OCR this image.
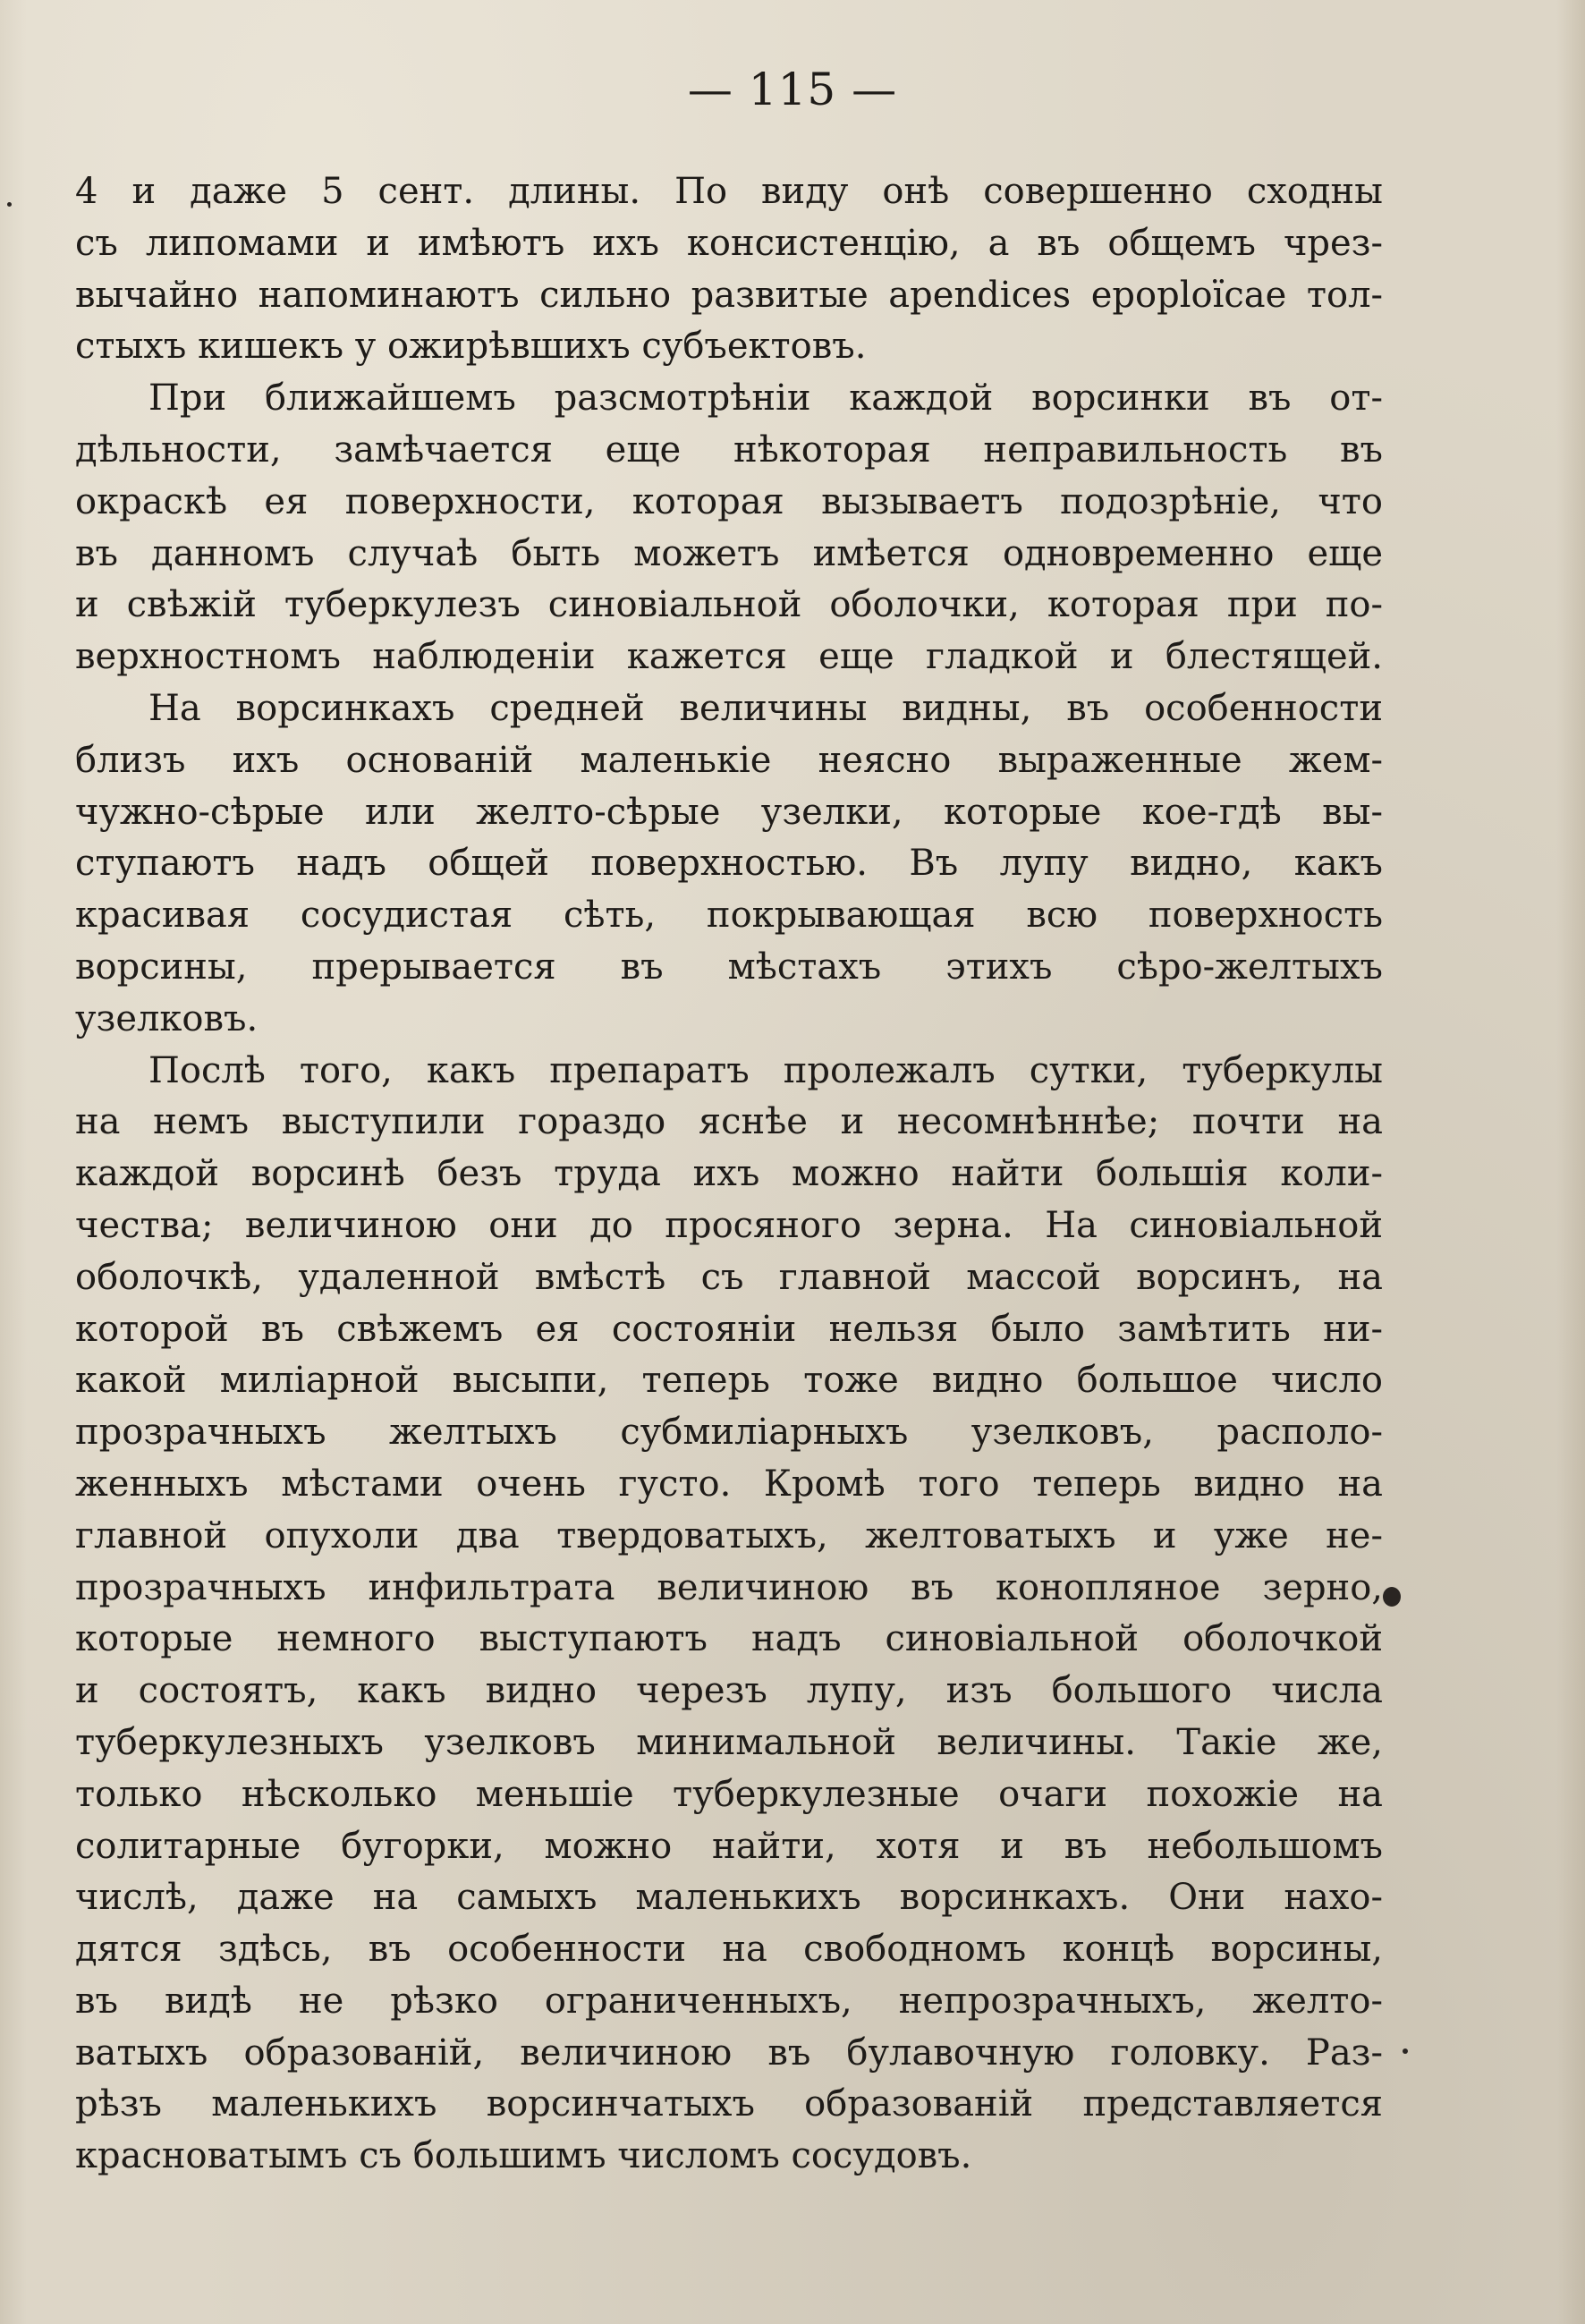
— 115 —

4 и даже 5 сент. длины. По виду онѣ совершенно сходны
съ липомами и имѣютъ ихъ консистенцію, а въ общемъ чрез-
вычайно напоминаютъ сильно развитые apendices epoploïcae тол-
стыхъ кишекъ у ожирѣвшихъ субъектовъ.

При ближайшемъ разсмотрѣніи каждой ворсинки въ от-
дѣльности, замѣчается еще нѣкоторая неправильность въ
окраскѣ ея поверхности, которая вызываетъ подозрѣніе, что
въ данномъ случаѣ быть можетъ имѣется одновременно еще
и свѣжій туберкулезъ синовіальной оболочки, которая при по-
верхностномъ наблюденіи кажется еще гладкой и блестящей.

На ворсинкахъ средней величины видны, въ особенности
близъ ихъ основаній маленькіе неясно выраженные жем-
чужно-сѣрые или желто-сѣрые узелки, которые кое-гдѣ вы-
ступаютъ надъ общей поверхностью. Въ лупу видно, какъ
красивая сосудистая сѣть, покрывающая всю поверхность
ворсины, прерывается въ мѣстахъ этихъ сѣро-желтыхъ
узелковъ.

Послѣ того, какъ препаратъ пролежалъ сутки, туберкулы
на немъ выступили гораздо яснѣе и несомнѣннѣе; почти на
каждой ворсинѣ безъ труда ихъ можно найти большія коли-
чества; величиною они до просяного зерна. На синовіальной
оболочкѣ, удаленной вмѣстѣ съ главной массой ворсинъ, на
которой въ свѣжемъ ея состояніи нельзя было замѣтить ни-
какой миліарной высыпи, теперь тоже видно большое число
прозрачныхъ желтыхъ субмиліарныхъ узелковъ, располо-
женныхъ мѣстами очень густо. Кромѣ того теперь видно на
главной опухоли два твердоватыхъ, желтоватыхъ и уже не-
прозрачныхъ инфильтрата величиною въ конопляное зерно,
которые немного выступаютъ надъ синовіальной оболочкой
и состоятъ, какъ видно черезъ лупу, изъ большого числа
туберкулезныхъ узелковъ минимальной величины. Такіе же,
только нѣсколько меньшіе туберкулезные очаги похожіе на
солитарные бугорки, можно найти, хотя и въ небольшомъ
числѣ, даже на самыхъ маленькихъ ворсинкахъ. Они нахо-
дятся здѣсь, въ особенности на свободномъ концѣ ворсины,
въ видѣ не рѣзко ограниченныхъ, непрозрачныхъ, желто-
ватыхъ образованій, величиною въ булавочную головку. Раз-
рѣзъ маленькихъ ворсинчатыхъ образованій представляется
красноватымъ съ большимъ числомъ сосудовъ.
